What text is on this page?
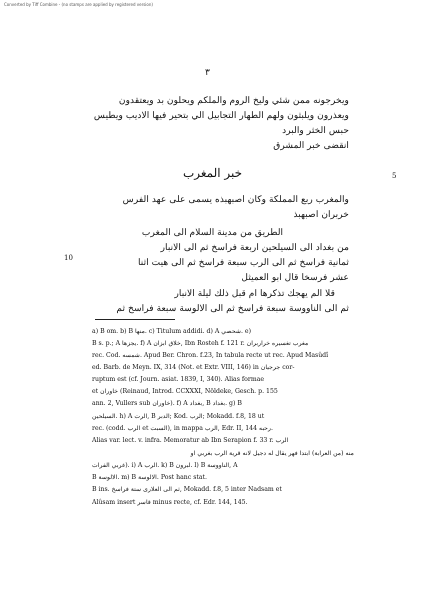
Converted by Tiff Combine - (no stamps are applied by registered version)
٣
ويخرجونه ممن شئي وليخ الروم والملكم ويحلون بد ويعتقدون
ويعذرون ويلبثون ولهم الطهار التجابيل الي بتحير فيها الاديب ويطيس
حبس الخثر والبرد
انقضى خبر المشرق
خبر المغرب	5
والمغرب ربع المملكة وكان اصبهبذه يسمى على عهد الفرس
خربران اصبهبذ
الطريق من مدينة السلام الى المغرب
من بغداد الى السيلحين اربعة فراسخ ثم الى الانبار
ثمانية فراسخ ثم الى الرب سبعة فراسخ ثم الى هيت اثنا
عشر فرسخا قال ابو العميثل
قلا الم يهجك تذكرها ام قبل ذلك ليلة الانبار
ثم الى الناووسة سبعة فراسخ ثم الى الالوسة سبعة فراسخ ثم
10
a) B om. b) B منها. c) Titulum addidi. d) A شحصي. e)
B s. p.; A يجزها. f) A خلاق ابزان, Ibn Rosteh f. 121 r. مغرب تغسيره خراربران
rec. Cod. شمسه. Apud Ber. Chron. f.23, In tabula recte ut rec. Apud Masûdî
ed. Barb. de Meyn. IX, 314 (Not. et Extr. VIII, 146) in جرجيان cor-
ruptum est (cf. Journ. asiat. 1839, I, 340). Alias formae
et خاوران (Reinaud, Introd. CCXXXI, Nöldeke, Gesch. p. 155
ann. 2, Vullers sub خاوران). f) A بغداد, B بغداد. g) B
السيلحين. h) A الرت, B الدبر; Kod. الرب; Mokadd. f.8, 18 ut
rec. (codd. الرب et السبت), in mappa الرب, Edr. II, 144 رحبه.
Alias var. lect. v. infra. Memoratur ab Ibn Serapion f. 33 r. الرب
منه (من العرابة) ابتدا فهر يقال له دجيل لانه قرية الرب بغربي او
غربي الفرات). i) A الرب. k) B لبرون. l) B الناووسة, A
B الالوسة. m) B الالوسة. Post hanc stat.
B ins. ثم الى العلارى ستة فراسخ, Mokadd. f.8, 5 inter Nadsam et
Alûsam insert قاسر minus recte, cf. Edr. 144, 145.
